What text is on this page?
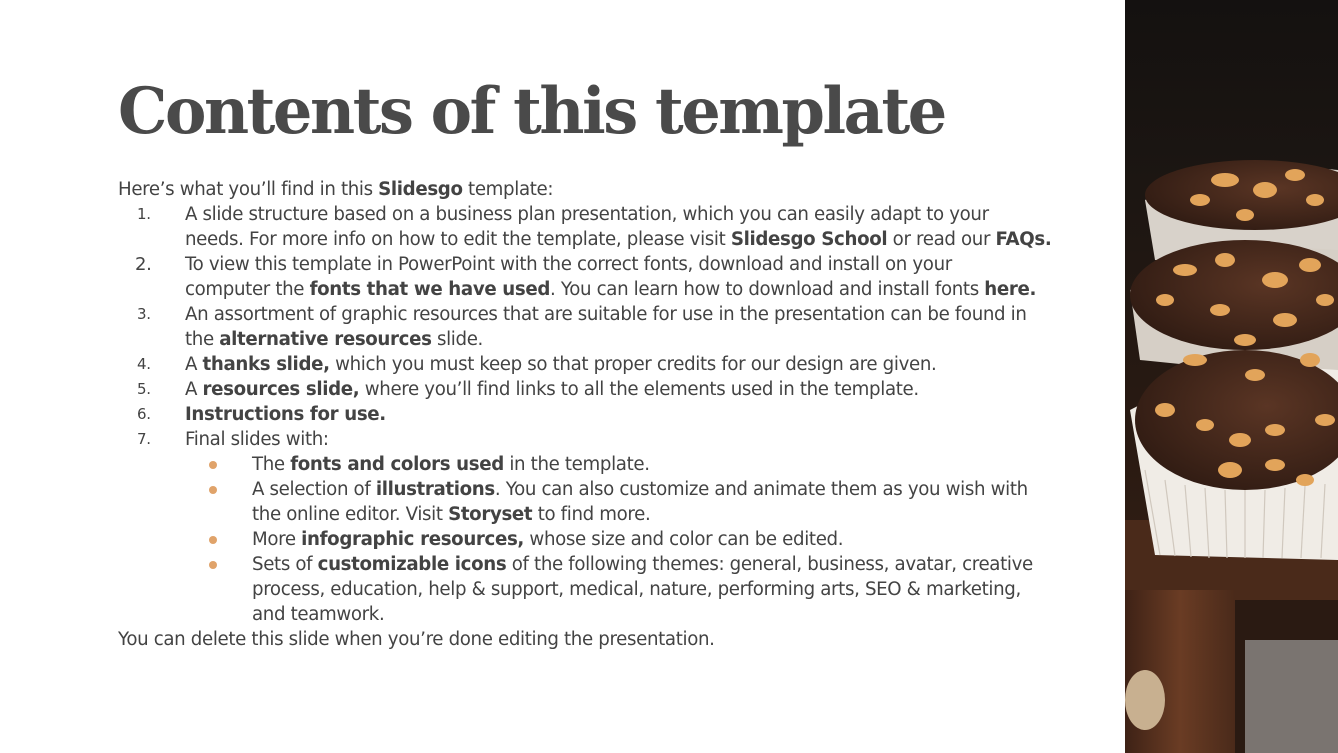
Contents of this template
Here’s what you’ll find in this Slidesgo template:
1.	A slide structure based on a business plan presentation, which you can easily adapt to your
needs. For more info on how to edit the template, please visit Slidesgo School or read our FAQs.
2.	To view this template in PowerPoint with the correct fonts, download and install on your
computer the fonts that we have used. You can learn how to download and install fonts here.
3.	An assortment of graphic resources that are suitable for use in the presentation can be found in
the alternative resources slide.
4.	A thanks slide, which you must keep so that proper credits for our design are given.
5.	A resources slide, where you’ll find links to all the elements used in the template.
6.	Instructions for use.
7.	Final slides with:
The fonts and colors used in the template.
A selection of illustrations. You can also customize and animate them as you wish with
the online editor. Visit Storyset to find more.
More infographic resources, whose size and color can be edited.
Sets of customizable icons of the following themes: general, business, avatar, creative
process, education, help & support, medical, nature, performing arts, SEO & marketing,
and teamwork.
You can delete this slide when you’re done editing the presentation.
